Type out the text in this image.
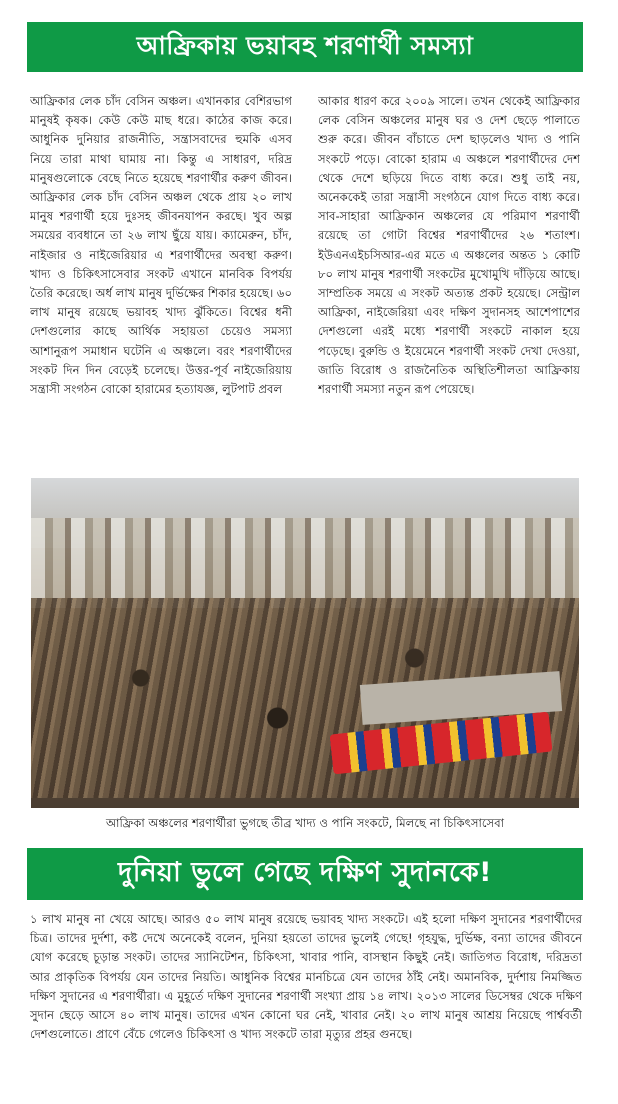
আফ্রিকায় ভয়াবহ শরণার্থী সমস্যা
আফ্রিকার লেক চাঁদ বেসিন অঞ্চল। এখানকার বেশিরভাগ মানুষই কৃষক। কেউ কেউ মাছ ধরে। কাঠের কাজ করে। আধুনিক দুনিয়ার রাজনীতি, সন্ত্রাসবাদের হুমকি এসব নিয়ে তারা মাথা ঘামায় না। কিন্তু এ সাধারণ, দরিদ্র মানুষগুলোকে বেছে নিতে হয়েছে শরণার্থীর করুণ জীবন। আফ্রিকার লেক চাঁদ বেসিন অঞ্চল থেকে প্রায় ২০ লাখ মানুষ শরণার্থী হয়ে দুঃসহ জীবনযাপন করছে। খুব অল্প সময়ের ব্যবধানে তা ২৬ লাখ ছুঁয়ে যায়। ক্যামেরুন, চাঁদ, নাইজার ও নাইজেরিয়ার এ শরণার্থীদের অবস্থা করুণ। খাদ্য ও চিকিৎসাসেবার সংকট এখানে মানবিক বিপর্যয় তৈরি করেছে। অর্ধ লাখ মানুষ দুর্ভিক্ষের শিকার হয়েছে। ৬০ লাখ মানুষ রয়েছে ভয়াবহ খাদ্য ঝুঁকিতে। বিশ্বের ধনী দেশগুলোর কাছে আর্থিক সহায়তা চেয়েও সমস্যা আশানুরূপ সমাধান ঘটেনি এ অঞ্চলে। বরং শরণার্থীদের সংকট দিন দিন বেড়েই চলেছে। উত্তর-পূর্ব নাইজেরিয়ায় সন্ত্রাসী সংগঠন বোকো হারামের হত্যাযজ্ঞ, লুটপাট প্রবল
আকার ধারণ করে ২০০৯ সালে। তখন থেকেই আফ্রিকার লেক বেসিন অঞ্চলের মানুষ ঘর ও দেশ ছেড়ে পালাতে শুরু করে। জীবন বাঁচাতে দেশ ছাড়লেও খাদ্য ও পানি সংকটে পড়ে। বোকো হারাম এ অঞ্চলে শরণার্থীদের দেশ থেকে দেশে ছড়িয়ে দিতে বাধ্য করে। শুধু তাই নয়, অনেককেই তারা সন্ত্রাসী সংগঠনে যোগ দিতে বাধ্য করে। সাব-সাহারা আফ্রিকান অঞ্চলের যে পরিমাণ শরণার্থী রয়েছে তা গোটা বিশ্বের শরণার্থীদের ২৬ শতাংশ। ইউএনএইচসিআর-এর মতে এ অঞ্চলের অন্তত ১ কোটি ৮০ লাখ মানুষ শরণার্থী সংকটের মুখোমুখি দাঁড়িয়ে আছে। সাম্প্রতিক সময়ে এ সংকট অত্যন্ত প্রকট হয়েছে। সেন্ট্রাল আফ্রিকা, নাইজেরিয়া এবং দক্ষিণ সুদানসহ আশেপাশের দেশগুলো এরই মধ্যে শরণার্থী সংকটে নাকাল হয়ে পড়েছে। বুরুন্ডি ও ইয়েমেনে শরণার্থী সংকট দেখা দেওয়া, জাতি বিরোধ ও রাজনৈতিক অস্থিতিশীলতা আফ্রিকায় শরণার্থী সমস্যা নতুন রূপ পেয়েছে।
আফ্রিকা অঞ্চলের শরণার্থীরা ভুগছে তীব্র খাদ্য ও পানি সংকটে, মিলছে না চিকিৎসাসেবা
দুনিয়া ভুলে গেছে দক্ষিণ সুদানকে!
১ লাখ মানুষ না খেয়ে আছে। আরও ৫০ লাখ মানুষ রয়েছে ভয়াবহ খাদ্য সংকটে। এই হলো দক্ষিণ সুদানের শরণার্থীদের চিত্র। তাদের দুর্দশা, কষ্ট দেখে অনেকেই বলেন, দুনিয়া হয়তো তাদের ভুলেই গেছে! গৃহযুদ্ধ, দুর্ভিক্ষ, বন্যা তাদের জীবনে যোগ করেছে চূড়ান্ত সংকট। তাদের স্যানিটেশন, চিকিৎসা, খাবার পানি, বাসস্থান কিছুই নেই। জাতিগত বিরোধ, দরিদ্রতা আর প্রাকৃতিক বিপর্যয় যেন তাদের নিয়তি। আধুনিক বিশ্বের মানচিত্রে যেন তাদের ঠাঁই নেই। অমানবিক, দুর্দশায় নিমজ্জিত দক্ষিণ সুদানের এ শরণার্থীরা। এ মুহূর্তে দক্ষিণ সুদানের শরণার্থী সংখ্যা প্রায় ১৪ লাখ। ২০১৩ সালের ডিসেম্বর থেকে দক্ষিণ সুদান ছেড়ে আসে ৪০ লাখ মানুষ। তাদের এখন কোনো ঘর নেই, খাবার নেই। ২০ লাখ মানুষ আশ্রয় নিয়েছে পার্শ্ববর্তী দেশগুলোতে। প্রাণে বেঁচে গেলেও চিকিৎসা ও খাদ্য সংকটে তারা মৃত্যুর প্রহর গুনছে।
